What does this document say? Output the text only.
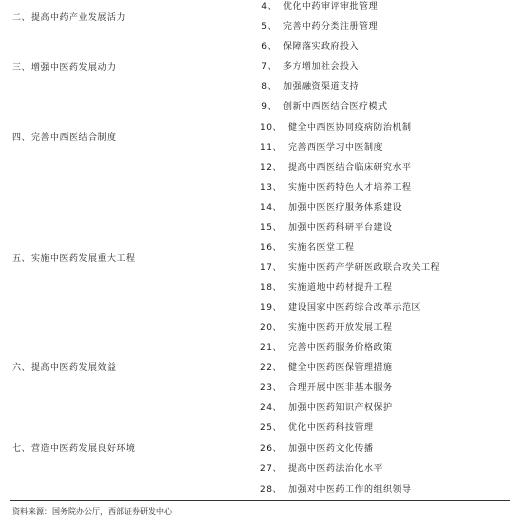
二、提高中药产业发展活力
三、增强中医药发展动力
四、完善中西医结合制度
五、实施中医药发展重大工程
六、提高中医药发展效益
七、营造中医药发展良好环境
4、 优化中药审评审批管理
5、 完善中药分类注册管理
6、 保障落实政府投入
7、 多方增加社会投入
8、 加强融资渠道支持
9、 创新中西医结合医疗模式
10、 健全中西医协同疫病防治机制
11、 完善西医学习中医制度
12、 提高中西医结合临床研究水平
13、 实施中医药特色人才培养工程
14、 加强中医医疗服务体系建设
15、 加强中医药科研平台建设
16、 实施名医堂工程
17、 实施中医药产学研医政联合攻关工程
18、 实施道地中药材提升工程
19、 建设国家中医药综合改革示范区
20、 实施中医药开放发展工程
21、 完善中医药服务价格政策
22、 健全中医药医保管理措施
23、 合理开展中医非基本服务
24、 加强中医药知识产权保护
25、 优化中医药科技管理
26、 加强中医药文化传播
27、 提高中医药法治化水平
28、 加强对中医药工作的组织领导
资料来源：国务院办公厅，西部证券研发中心
